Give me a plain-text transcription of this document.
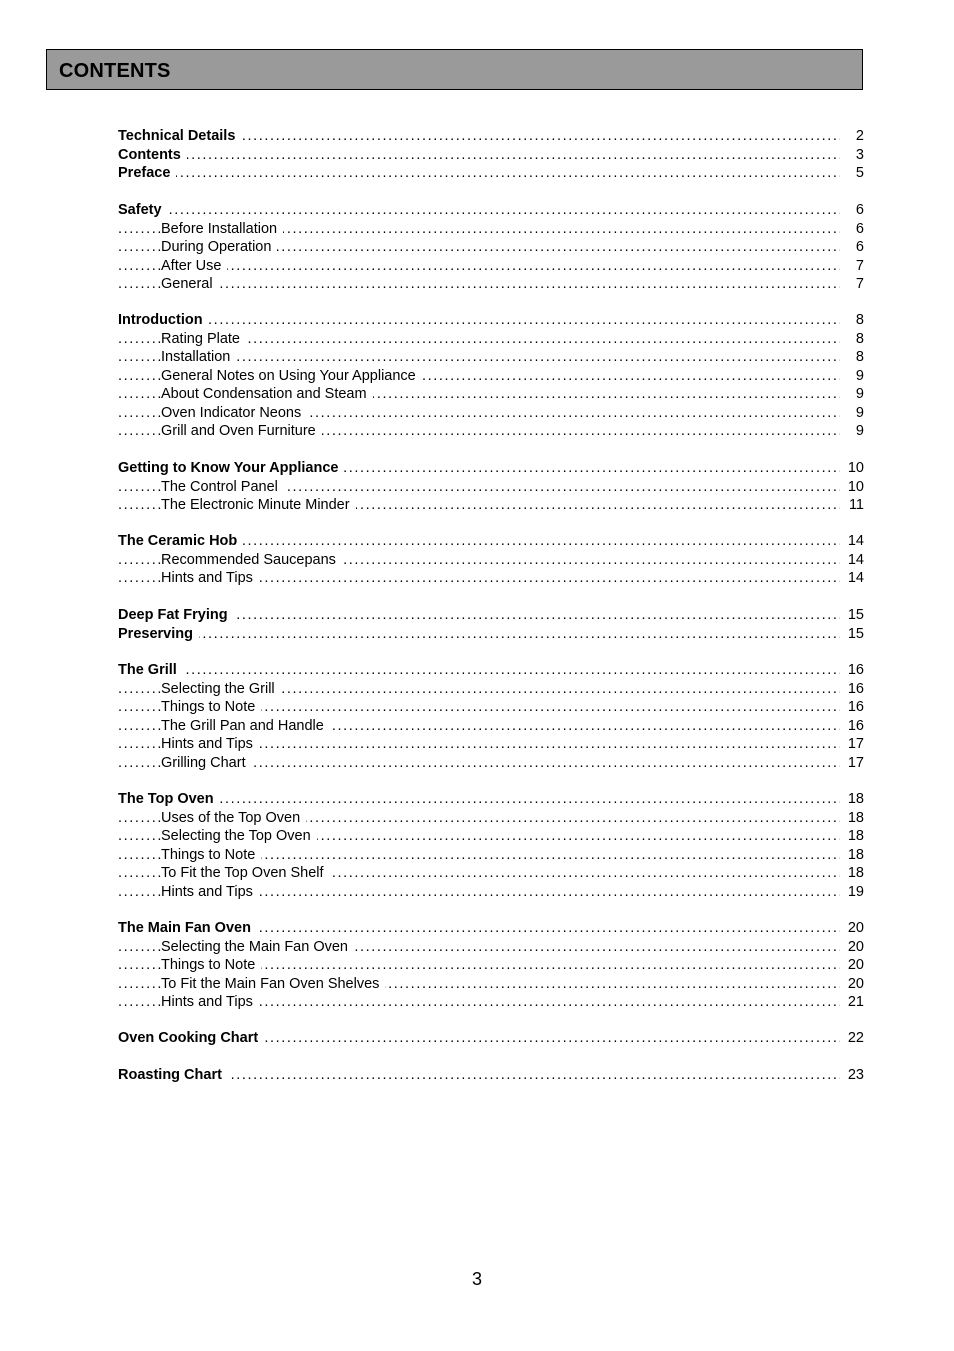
CONTENTS
.....
Technical Details	2
.....
Contents	3
.....
Preface	5
.....
Safety	6
.....
Before Installation	6
.....
During Operation	6
.....
After Use	7
.....
General	7
.....
Introduction	8
.....
Rating Plate	8
.....
Installation	8
.....
General Notes on Using Your Appliance	9
.....
About Condensation and Steam	9
.....
Oven Indicator Neons	9
.....
Grill and Oven Furniture	9
.....
Getting to Know Your Appliance	10
.....
The Control Panel	10
.....
The Electronic Minute Minder	11
.....
The Ceramic Hob	14
.....
Recommended Saucepans	14
.....
Hints and Tips	14
.....
Deep Fat Frying	15
.....
Preserving	15
.....
The Grill	16
.....
Selecting the Grill	16
.....
Things to Note	16
.....
The Grill Pan and Handle	16
.....
Hints and Tips	17
.....
Grilling Chart	17
.....
The Top Oven	18
.....
Uses of the Top Oven	18
.....
Selecting the Top Oven	18
.....
Things to Note	18
.....
To Fit the Top Oven Shelf	18
.....
Hints and Tips	19
.....
The Main Fan Oven	20
.....
Selecting the Main Fan Oven	20
.....
Things to Note	20
.....
To Fit the Main Fan Oven Shelves	20
.....
Hints and Tips	21
.....
Oven Cooking Chart	22
.....
Roasting Chart	23
3
